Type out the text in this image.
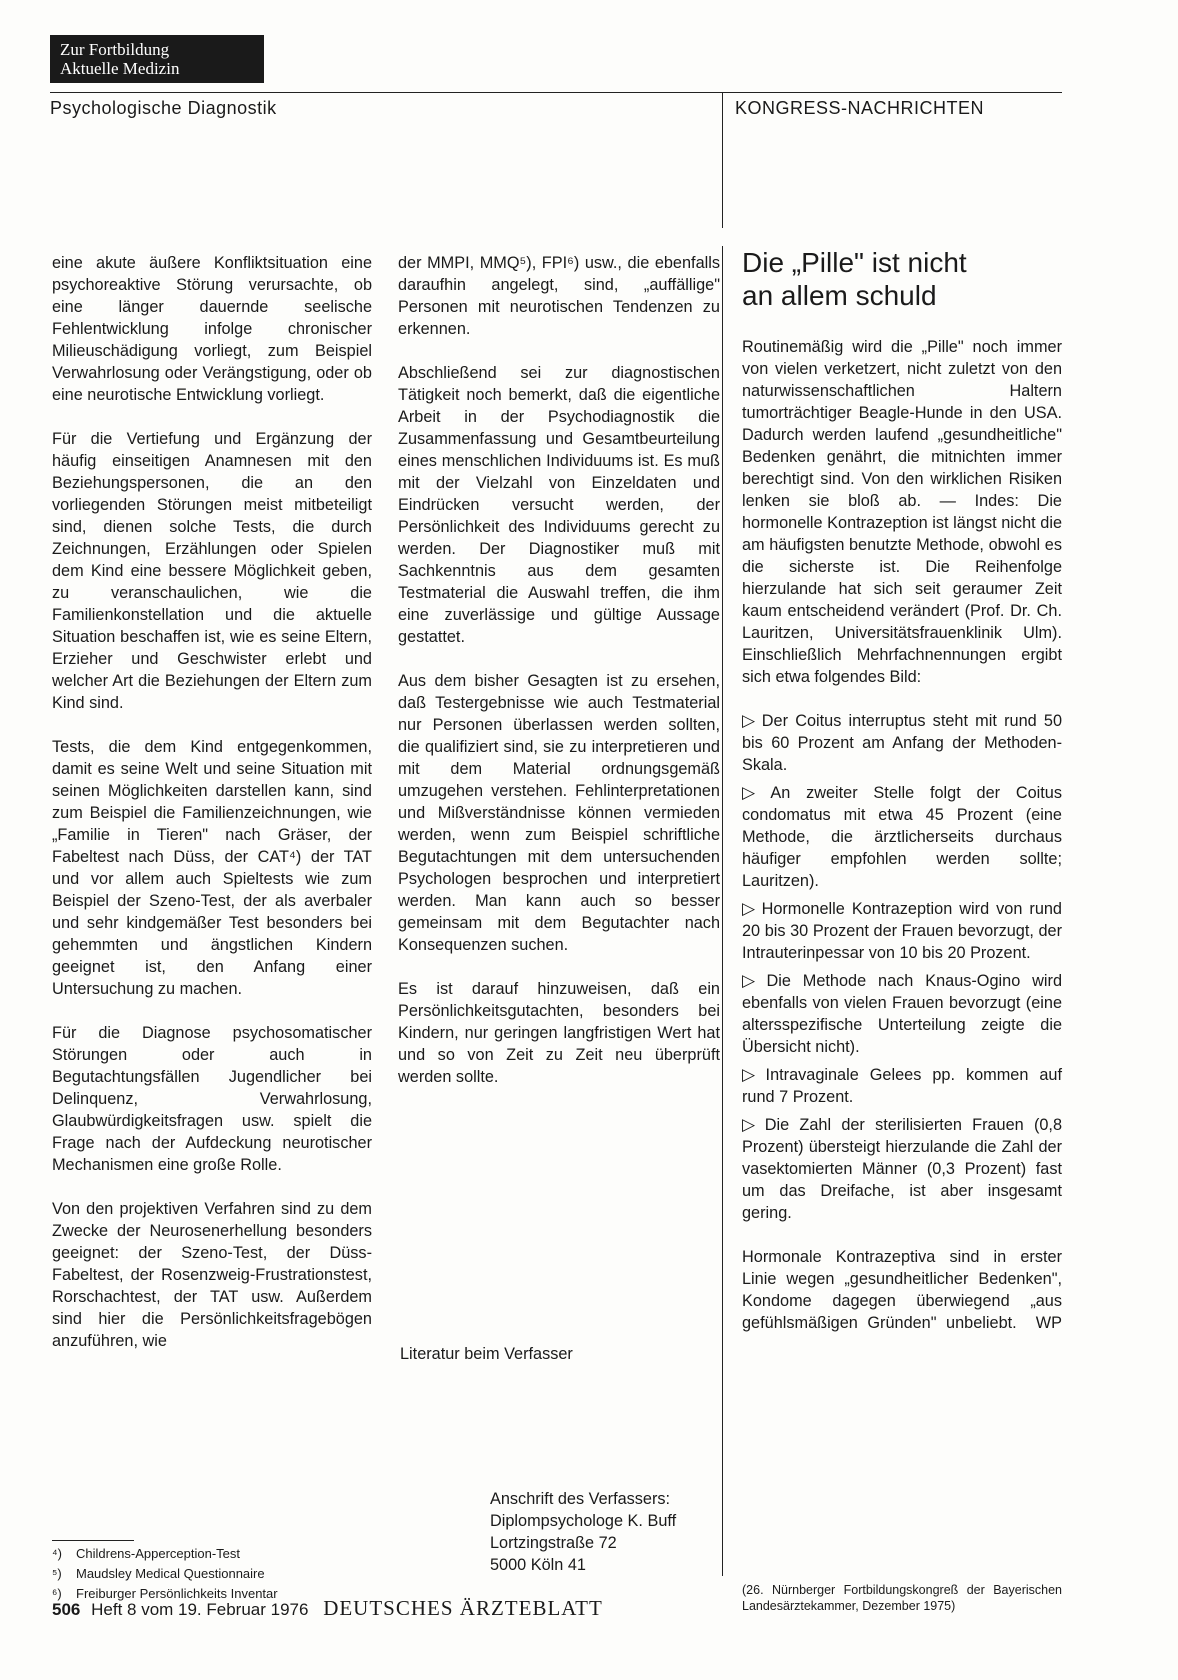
Zur Fortbildung
Aktuelle Medizin
Psychologische Diagnostik	KONGRESS-NACHRICHTEN

eine akute äußere Konfliktsituation eine psychoreaktive Störung verursachte, ob eine länger dauernde seelische Fehlentwicklung infolge chronischer Milieuschädigung vorliegt, zum Beispiel Verwahrlosung oder Verängstigung, oder ob eine neurotische Entwicklung vorliegt.

Für die Vertiefung und Ergänzung der häufig einseitigen Anamnesen mit den Beziehungspersonen, die an den vorliegenden Störungen meist mitbeteiligt sind, dienen solche Tests, die durch Zeichnungen, Erzählungen oder Spielen dem Kind eine bessere Möglichkeit geben, zu veranschaulichen, wie die Familienkonstellation und die aktuelle Situation beschaffen ist, wie es seine Eltern, Erzieher und Geschwister erlebt und welcher Art die Beziehungen der Eltern zum Kind sind.

Tests, die dem Kind entgegenkommen, damit es seine Welt und seine Situation mit seinen Möglichkeiten darstellen kann, sind zum Beispiel die Familienzeichnungen, wie „Familie in Tieren" nach Gräser, der Fabeltest nach Düss, der CAT⁴) der TAT und vor allem auch Spieltests wie zum Beispiel der Szeno-Test, der als averbaler und sehr kindgemäßer Test besonders bei gehemmten und ängstlichen Kindern geeignet ist, den Anfang einer Untersuchung zu machen.

Für die Diagnose psychosomatischer Störungen oder auch in Begutachtungsfällen Jugendlicher bei Delinquenz, Verwahrlosung, Glaubwürdigkeitsfragen usw. spielt die Frage nach der Aufdeckung neurotischer Mechanismen eine große Rolle.

Von den projektiven Verfahren sind zu dem Zwecke der Neurosenerhellung besonders geeignet: der Szeno-Test, der Düss-Fabeltest, der Rosenzweig-Frustrationstest, Rorschachtest, der TAT usw. Außerdem sind hier die Persönlichkeitsfragebögen anzuführen, wie

der MMPI, MMQ⁵), FPI⁶) usw., die ebenfalls daraufhin angelegt, sind, „auffällige" Personen mit neurotischen Tendenzen zu erkennen.

Abschließend sei zur diagnostischen Tätigkeit noch bemerkt, daß die eigentliche Arbeit in der Psychodiagnostik die Zusammenfassung und Gesamtbeurteilung eines menschlichen Individuums ist. Es muß mit der Vielzahl von Einzeldaten und Eindrücken versucht werden, der Persönlichkeit des Individuums gerecht zu werden. Der Diagnostiker muß mit Sachkenntnis aus dem gesamten Testmaterial die Auswahl treffen, die ihm eine zuverlässige und gültige Aussage gestattet.

Aus dem bisher Gesagten ist zu ersehen, daß Testergebnisse wie auch Testmaterial nur Personen überlassen werden sollten, die qualifiziert sind, sie zu interpretieren und mit dem Material ordnungsgemäß umzugehen verstehen. Fehlinterpretationen und Mißverständnisse können vermieden werden, wenn zum Beispiel schriftliche Begutachtungen mit dem untersuchenden Psychologen besprochen und interpretiert werden. Man kann auch so besser gemeinsam mit dem Begutachter nach Konsequenzen suchen.

Es ist darauf hinzuweisen, daß ein Persönlichkeitsgutachten, besonders bei Kindern, nur geringen langfristigen Wert hat und so von Zeit zu Zeit neu überprüft werden sollte.

Literatur beim Verfasser
Anschrift des Verfassers:
Diplompsychologe K. Buff
Lortzingstraße 72
5000 Köln 41
⁴) Childrens-Apperception-Test
⁵) Maudsley Medical Questionnaire
⁶) Freiburger Persönlichkeits Inventar
Die „Pille" ist nicht
an allem schuld

Routinemäßig wird die „Pille" noch immer von vielen verketzert, nicht zuletzt von den naturwissenschaftlichen Haltern tumorträchtiger Beagle-Hunde in den USA. Dadurch werden laufend „gesundheitliche" Bedenken genährt, die mitnichten immer berechtigt sind. Von den wirklichen Risiken lenken sie bloß ab. — Indes: Die hormonelle Kontrazeption ist längst nicht die am häufigsten benutzte Methode, obwohl es die sicherste ist. Die Reihenfolge hierzulande hat sich seit geraumer Zeit kaum entscheidend verändert (Prof. Dr. Ch. Lauritzen, Universitätsfrauenklinik Ulm). Einschließlich Mehrfachnennungen ergibt sich etwa folgendes Bild:

▷ Der Coitus interruptus steht mit rund 50 bis 60 Prozent am Anfang der Methoden-Skala.

▷ An zweiter Stelle folgt der Coitus condomatus mit etwa 45 Prozent (eine Methode, die ärztlicherseits durchaus häufiger empfohlen werden sollte; Lauritzen).

▷ Hormonelle Kontrazeption wird von rund 20 bis 30 Prozent der Frauen bevorzugt, der Intrauterinpessar von 10 bis 20 Prozent.

▷ Die Methode nach Knaus-Ogino wird ebenfalls von vielen Frauen bevorzugt (eine altersspezifische Unterteilung zeigte die Übersicht nicht).

▷ Intravaginale Gelees pp. kommen auf rund 7 Prozent.

▷ Die Zahl der sterilisierten Frauen (0,8 Prozent) übersteigt hierzulande die Zahl der vasektomierten Männer (0,3 Prozent) fast um das Dreifache, ist aber insgesamt gering.

Hormonale Kontrazeptiva sind in erster Linie wegen „gesundheitlicher Bedenken", Kondome dagegen überwiegend „aus gefühlsmäßigen Gründen" unbeliebt. WP

(26. Nürnberger Fortbildungskongreß der Bayerischen Landesärztekammer, Dezember 1975)
506 Heft 8 vom 19. Februar 1976 DEUTSCHES ÄRZTEBLATT
